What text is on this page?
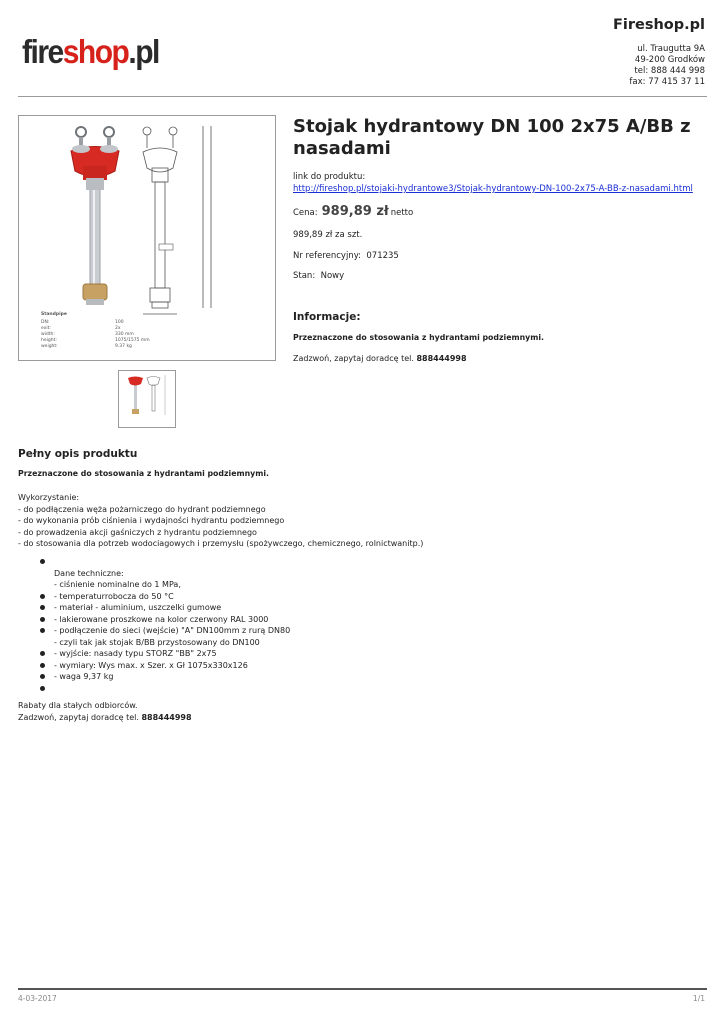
fireshop.pl
Fireshop.pl
ul. Traugutta 9A
49-200 Grodków
tel: 888 444 998
fax: 77 415 37 11
Standpipe
DN:
exit:
width:
height:
weight:
100
2x
330 mm
1075/1575 mm
9.37 kg
Stojak hydrantowy DN 100 2x75 A/BB z nasadami
link do produktu:
http://fireshop.pl/stojaki-hydrantowe3/Stojak-hydrantowy-DN-100-2x75-A-BB-z-nasadami.html
Cena: 989,89 zł netto
989,89 zł za szt.
Nr referencyjny: 071235
Stan: Nowy
Informacje:
Przeznaczone do stosowania z hydrantami podziemnymi.
Zadzwoń, zapytaj doradcę tel. 888444998
Pełny opis produktu
Przeznaczone do stosowania z hydrantami podziemnymi.
Wykorzystanie:
- do podłączenia węża pożarniczego do hydrant podziemnego
- do wykonania prób ciśnienia i wydajności hydrantu podziemnego
- do prowadzenia akcji gaśniczych z hydrantu podziemnego
- do stosowania dla potrzeb wodociagowych i przemysłu (spożywczego, chemicznego, rolnictwanitp.)

Dane techniczne:
- ciśnienie nominalne do 1 MPa,
- temperaturrobocza do 50 °C
- materiał - aluminium, uszczelki gumowe
- lakierowane proszkowe na kolor czerwony RAL 3000
- podłączenie do sieci (wejście) "A" DN100mm z rurą DN80
- czyli tak jak stojak B/BB przystosowany do DN100
- wyjście: nasady typu STORZ "BB" 2x75
- wymiary: Wys max. x Szer. x Gł 1075x330x126
- waga 9,37 kg

Rabaty dla stałych odbiorców.
Zadzwoń, zapytaj doradcę tel. 888444998
4-03-2017	1/1
